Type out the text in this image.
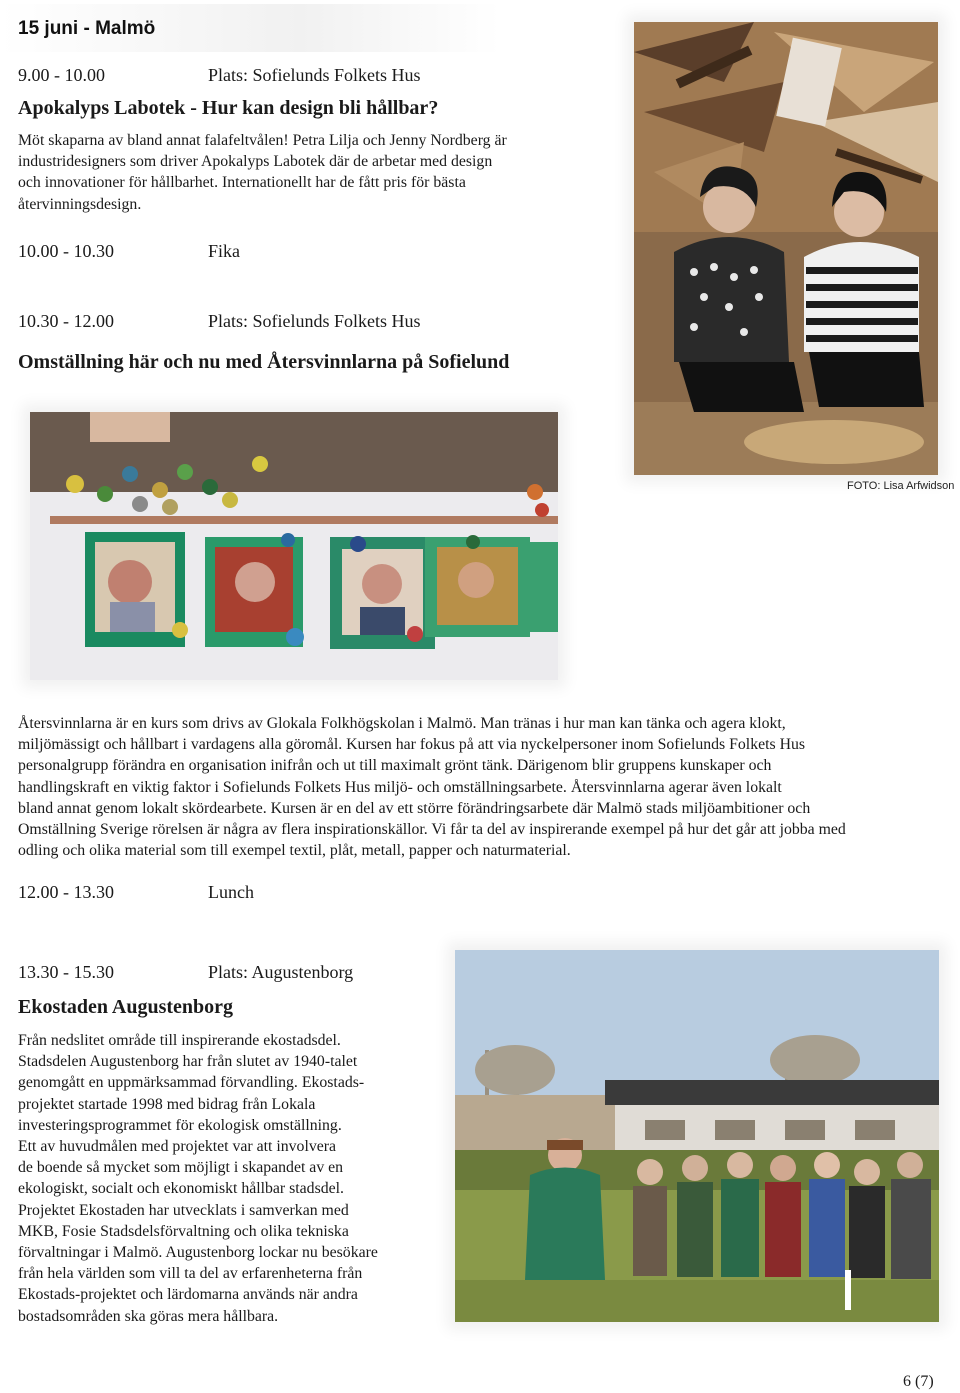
15 juni - Malmö
9.00 - 10.00	Plats: Sofielunds Folkets Hus
Apokalyps Labotek - Hur kan design bli hållbar?

Möt skaparna av bland annat falafeltvålen! Petra Lilja och Jenny Nordberg är

industridesigners som driver Apokalyps Labotek där de arbetar med design

och innovationer för hållbarhet. Internationellt har de fått pris för bästa

återvinningsdesign.

10.00 - 10.30	Fika
10.30 - 12.00	Plats: Sofielunds Folkets Hus
Omställning här och nu med Återsvinnlarna på Sofielund
FOTO: Lisa Arfwidson

Återsvinnlarna är en kurs som drivs av Glokala Folkhögskolan i Malmö. Man tränas i hur man kan tänka och agera klokt,

miljömässigt och hållbart i vardagens alla göromål. Kursen har fokus på att via nyckelpersoner inom Sofielunds Folkets Hus

personalgrupp förändra en organisation inifrån och ut till maximalt grönt tänk. Därigenom blir gruppens kunskaper och

handlingskraft en viktig faktor i Sofielunds Folkets Hus miljö- och omställningsarbete. Återsvinnlarna agerar även lokalt

bland annat genom lokalt skördearbete. Kursen är en del av ett större förändringsarbete där Malmö stads miljöambitioner och

Omställning Sverige rörelsen är några av flera inspirationskällor. Vi får ta del av inspirerande exempel på hur det går att jobba med

odling och olika material som till exempel textil, plåt, metall, papper och naturmaterial.

12.00 - 13.30	Lunch
13.30 - 15.30	Plats: Augustenborg
Ekostaden Augustenborg

Från nedslitet område till inspirerande ekostadsdel.

Stadsdelen Augustenborg har från slutet av 1940-talet

genomgått en uppmärksammad förvandling. Ekostads-

projektet startade 1998 med bidrag från Lokala

investeringsprogrammet för ekologisk omställning.

Ett av huvudmålen med projektet var att involvera

de boende så mycket som möjligt i skapandet av en

ekologiskt, socialt och ekonomiskt hållbar stadsdel.

Projektet Ekostaden har utvecklats i samverkan med

MKB, Fosie Stadsdelsförvaltning och olika tekniska

förvaltningar i Malmö. Augustenborg lockar nu besökare

från hela världen som vill ta del av erfarenheterna från

Ekostads-projektet och lärdomarna används när andra

bostadsområden ska göras mera hållbara.

6 (7)
